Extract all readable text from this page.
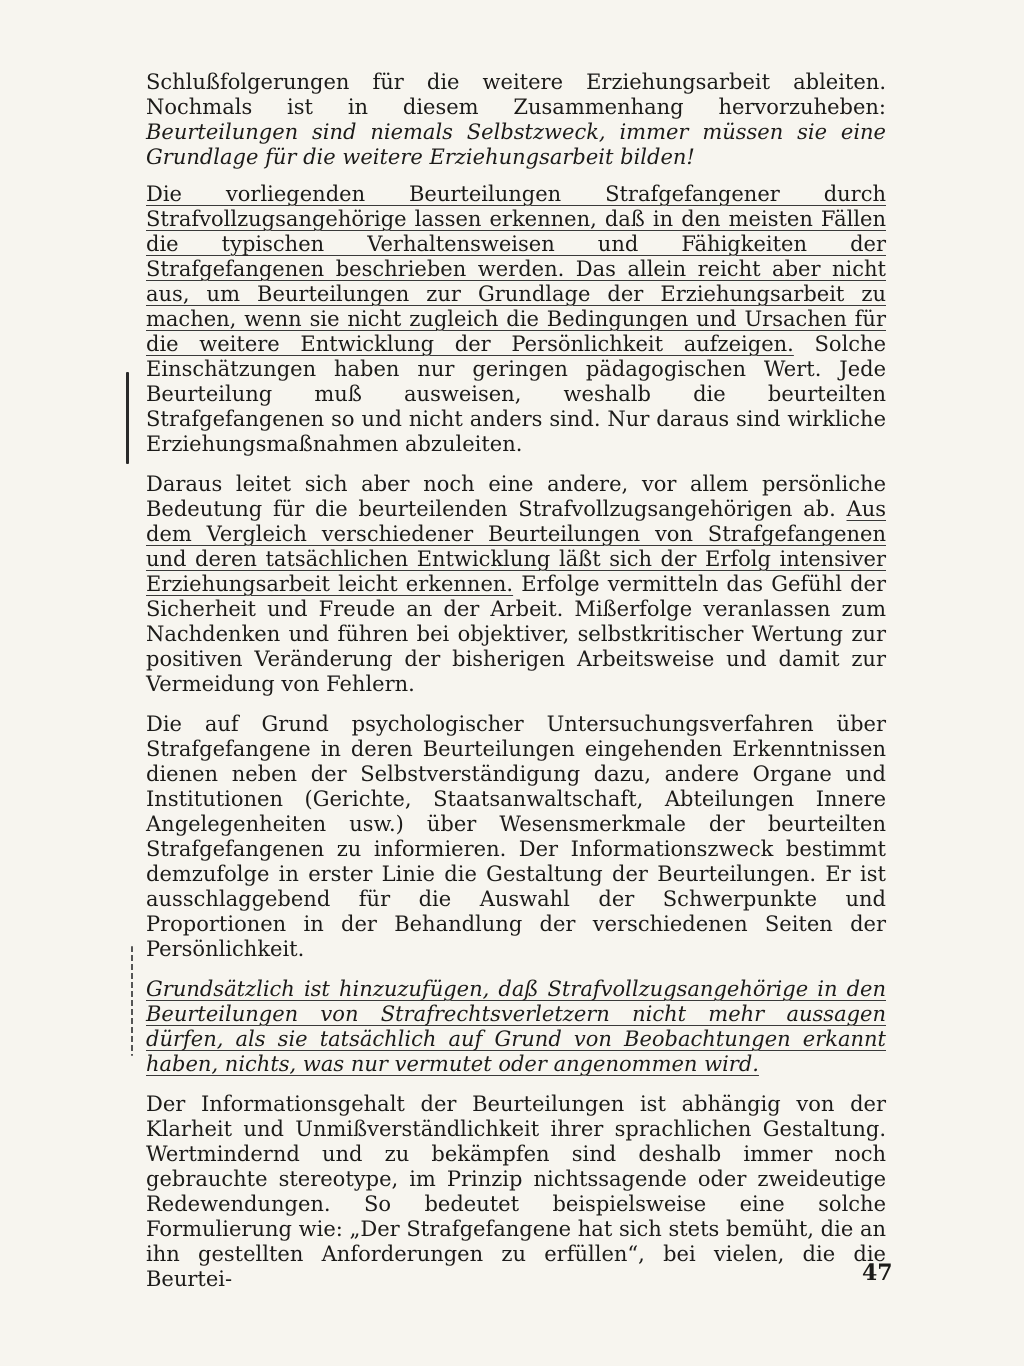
Schlußfolgerungen für die weitere Erziehungsarbeit ableiten. Nochmals ist in diesem Zusammenhang hervorzuheben: Beurteilungen sind niemals Selbstzweck, immer müssen sie eine Grundlage für die weitere Erziehungsarbeit bilden!

Die vorliegenden Beurteilungen Strafgefangener durch Strafvollzugsangehörige lassen erkennen, daß in den meisten Fällen die typischen Verhaltensweisen und Fähigkeiten der Strafgefangenen beschrieben werden. Das allein reicht aber nicht aus, um Beurteilungen zur Grundlage der Erziehungsarbeit zu machen, wenn sie nicht zugleich die Bedingungen und Ursachen für die weitere Entwicklung der Persönlichkeit aufzeigen. Solche Einschätzungen haben nur geringen pädagogischen Wert. Jede Beurteilung muß ausweisen, weshalb die beurteilten Strafgefangenen so und nicht anders sind. Nur daraus sind wirkliche Erziehungsmaßnahmen abzuleiten.

Daraus leitet sich aber noch eine andere, vor allem persönliche Bedeutung für die beurteilenden Strafvollzugsangehörigen ab. Aus dem Vergleich verschiedener Beurteilungen von Strafgefangenen und deren tatsächlichen Entwicklung läßt sich der Erfolg intensiver Erziehungsarbeit leicht erkennen. Erfolge vermitteln das Gefühl der Sicherheit und Freude an der Arbeit. Mißerfolge veranlassen zum Nachdenken und führen bei objektiver, selbstkritischer Wertung zur positiven Veränderung der bisherigen Arbeitsweise und damit zur Vermeidung von Fehlern.

Die auf Grund psychologischer Untersuchungsverfahren über Strafgefangene in deren Beurteilungen eingehenden Erkenntnissen dienen neben der Selbstverständigung dazu, andere Organe und Institutionen (Gerichte, Staatsanwaltschaft, Abteilungen Innere Angelegenheiten usw.) über Wesensmerkmale der beurteilten Strafgefangenen zu informieren. Der Informationszweck bestimmt demzufolge in erster Linie die Gestaltung der Beurteilungen. Er ist ausschlaggebend für die Auswahl der Schwerpunkte und Proportionen in der Behandlung der verschiedenen Seiten der Persönlichkeit.

Grundsätzlich ist hinzuzufügen, daß Strafvollzugsangehörige in den Beurteilungen von Strafrechtsverletzern nicht mehr aussagen dürfen, als sie tatsächlich auf Grund von Beobachtungen erkannt haben, nichts, was nur vermutet oder angenommen wird.

Der Informationsgehalt der Beurteilungen ist abhängig von der Klarheit und Unmißverständlichkeit ihrer sprachlichen Gestaltung. Wertmindernd und zu bekämpfen sind deshalb immer noch gebrauchte stereotype, im Prinzip nichtssagende oder zweideutige Redewendungen. So bedeutet beispielsweise eine solche Formulierung wie: „Der Strafgefangene hat sich stets bemüht, die an ihn gestellten Anforderungen zu erfüllen“, bei vielen, die die Beurtei-	47
